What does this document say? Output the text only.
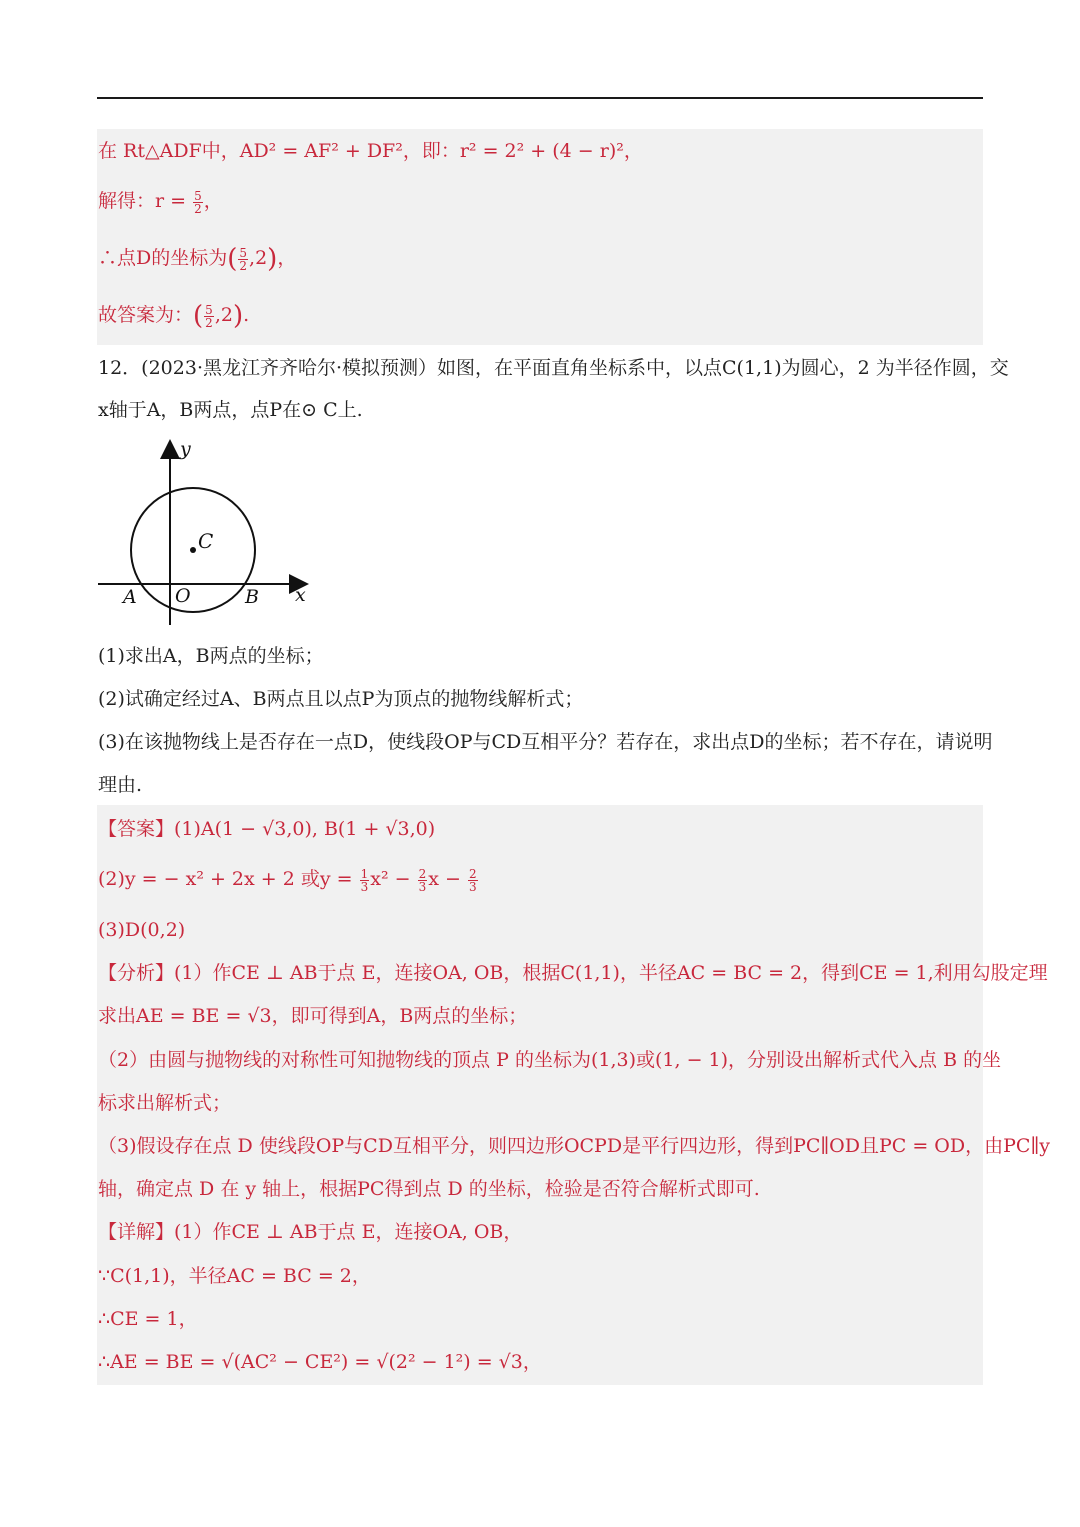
在 Rt△ADF中，AD² = AF² + DF²，即：r² = 2² + (4 − r)²，
解得：$r = \frac{5}{2}$ ，
∴点D的坐标为( $\frac{5}{2} ,2$)，
故答案为：( $\frac{5}{2} ,2$).
12．(2023·黑龙江齐齐哈尔·模拟预测）如图，在平面直角坐标系中，以点C(1,1)为圆心，2 为半径作圆，交
x轴于A，B两点，点P在⊙ C上.
y
x
C
A O	B
(1)求出A，B两点的坐标；
(2)试确定经过A、B两点且以点P为顶点的抛物线解析式；
(3)在该抛物线上是否存在一点D，使线段OP与CD互相平分？若存在，求出点D的坐标；若不存在，请说明
理由.
【答案】(1)A(1 − √3,0), B(1 + √3,0)
(2)y = − x² + 2x + 2 或$y = \frac{1}{3} x^2 - \frac{2}{3}$ $x - \frac{2}{3}$
(3)D(0,2)
【分析】(1）作CE ⊥ AB于点 E，连接OA, OB，根据C(1,1)，半径AC = BC = 2，得到CE = 1,利用勾股定理
求出AE = BE = √3，即可得到A，B两点的坐标；
（2）由圆与抛物线的对称性可知抛物线的顶点 P 的坐标为(1,3)或(1, − 1)，分别设出解析式代入点 B 的坐
标求出解析式；
（3)假设存在点 D 使线段OP与CD互相平分，则四边形OCPD是平行四边形，得到PC∥OD且PC = OD，由PC∥y
轴，确定点 D 在 y 轴上，根据PC得到点 D 的坐标，检验是否符合解析式即可.
【详解】(1）作CE ⊥ AB于点 E，连接OA, OB，
∵C(1,1)，半径AC = BC = 2，
∴CE = 1，
∴AE = BE = √(AC² − CE²) = √(2² − 1²) = √3，
